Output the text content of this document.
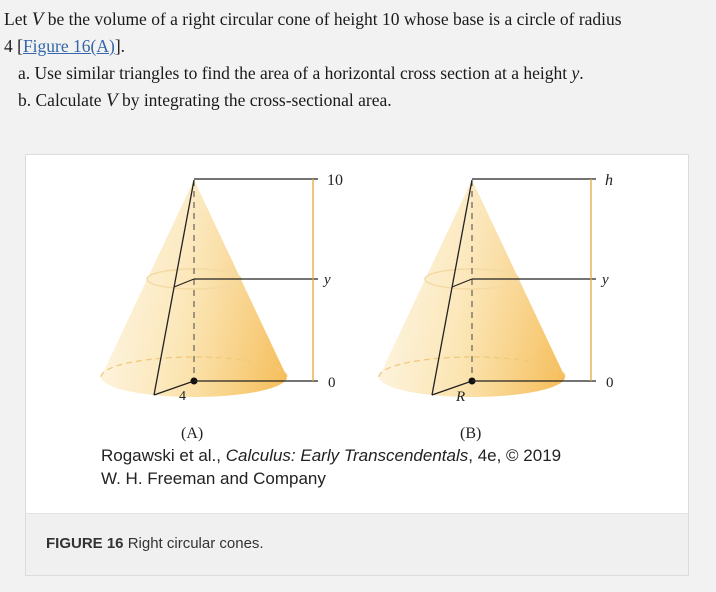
Let V be the volume of a right circular cone of height 10 whose base is a circle of radius
4 [Figure 16(A)].
a. Use similar triangles to find the area of a horizontal cross section at a height y.
b. Calculate V by integrating the cross-sectional area.
10
y
0
4
h
y
0
R
(A)	(B)
Rogawski et al., Calculus: Early Transcendentals, 4e, © 2019
W. H. Freeman and Company
FIGURE 16 Right circular cones.
